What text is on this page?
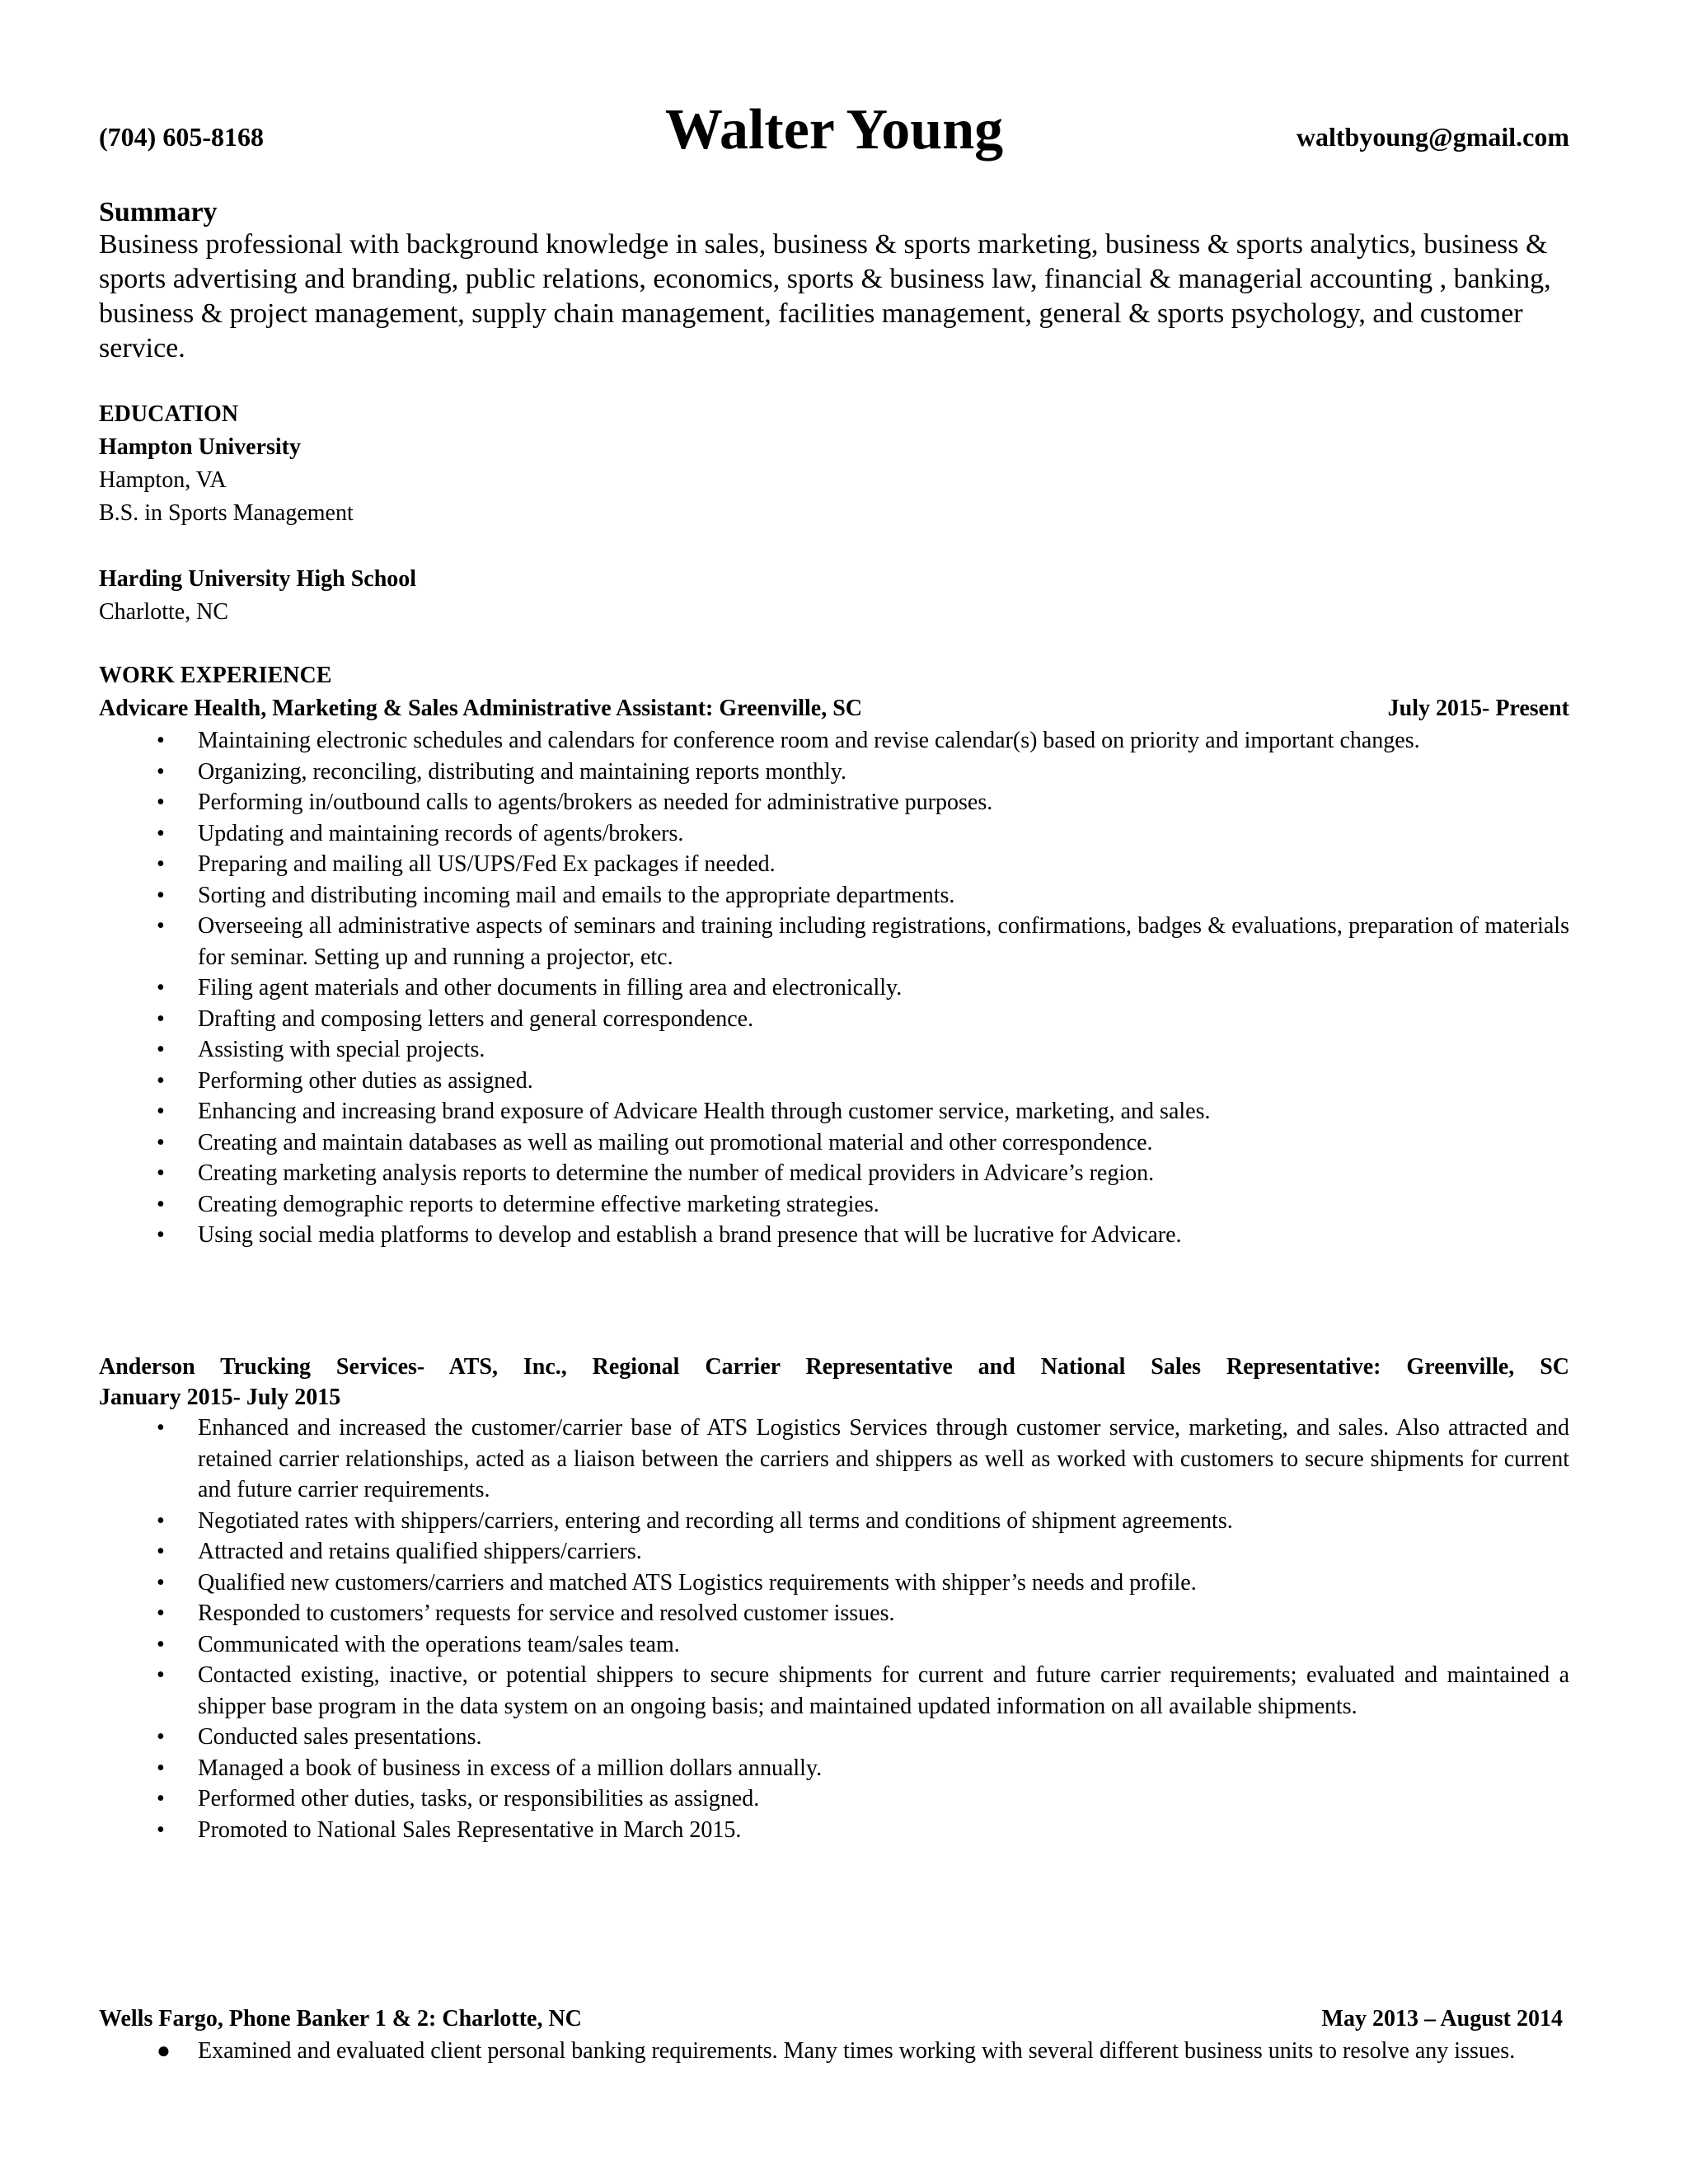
(704) 605-8168	Walter Young	waltbyoung@gmail.com
Summary

Business professional with background knowledge in sales, business & sports marketing, business & sports analytics, business & sports advertising and branding, public relations, economics, sports & business law, financial & managerial accounting , banking, business & project management, supply chain management, facilities management, general & sports psychology, and customer service.

EDUCATION
Hampton University
Hampton, VA
B.S. in Sports Management
Harding University High School
Charlotte, NC
WORK EXPERIENCE
Advicare Health, Marketing & Sales Administrative Assistant: Greenville, SC	July 2015- Present
• Maintaining electronic schedules and calendars for conference room and revise calendar(s) based on priority and important changes.
• Organizing, reconciling, distributing and maintaining reports monthly.
• Performing in/outbound calls to agents/brokers as needed for administrative purposes.
• Updating and maintaining records of agents/brokers.
• Preparing and mailing all US/UPS/Fed Ex packages if needed.
• Sorting and distributing incoming mail and emails to the appropriate departments.
• Overseeing all administrative aspects of seminars and training including registrations, confirmations, badges & evaluations, preparation of materials for seminar. Setting up and running a projector, etc.
• Filing agent materials and other documents in filling area and electronically.
• Drafting and composing letters and general correspondence.
• Assisting with special projects.
• Performing other duties as assigned.
• Enhancing and increasing brand exposure of Advicare Health through customer service, marketing, and sales.
• Creating and maintain databases as well as mailing out promotional material and other correspondence.
• Creating marketing analysis reports to determine the number of medical providers in Advicare’s region.
• Creating demographic reports to determine effective marketing strategies.
• Using social media platforms to develop and establish a brand presence that will be lucrative for Advicare.
Anderson Trucking Services- ATS, Inc., Regional Carrier Representative and National Sales Representative: Greenville, SC
January 2015- July 2015
• Enhanced and increased the customer/carrier base of ATS Logistics Services through customer service, marketing, and sales. Also attracted and retained carrier relationships, acted as a liaison between the carriers and shippers as well as worked with customers to secure shipments for current and future carrier requirements.
• Negotiated rates with shippers/carriers, entering and recording all terms and conditions of shipment agreements.
• Attracted and retains qualified shippers/carriers.
• Qualified new customers/carriers and matched ATS Logistics requirements with shipper’s needs and profile.
• Responded to customers’ requests for service and resolved customer issues.
• Communicated with the operations team/sales team.
• Contacted existing, inactive, or potential shippers to secure shipments for current and future carrier requirements; evaluated and maintained a shipper base program in the data system on an ongoing basis; and maintained updated information on all available shipments.
• Conducted sales presentations.
• Managed a book of business in excess of a million dollars annually.
• Performed other duties, tasks, or responsibilities as assigned.
• Promoted to National Sales Representative in March 2015.
Wells Fargo, Phone Banker 1 & 2: Charlotte, NC	May 2013 – August 2014
● Examined and evaluated client personal banking requirements. Many times working with several different business units to resolve any issues.
